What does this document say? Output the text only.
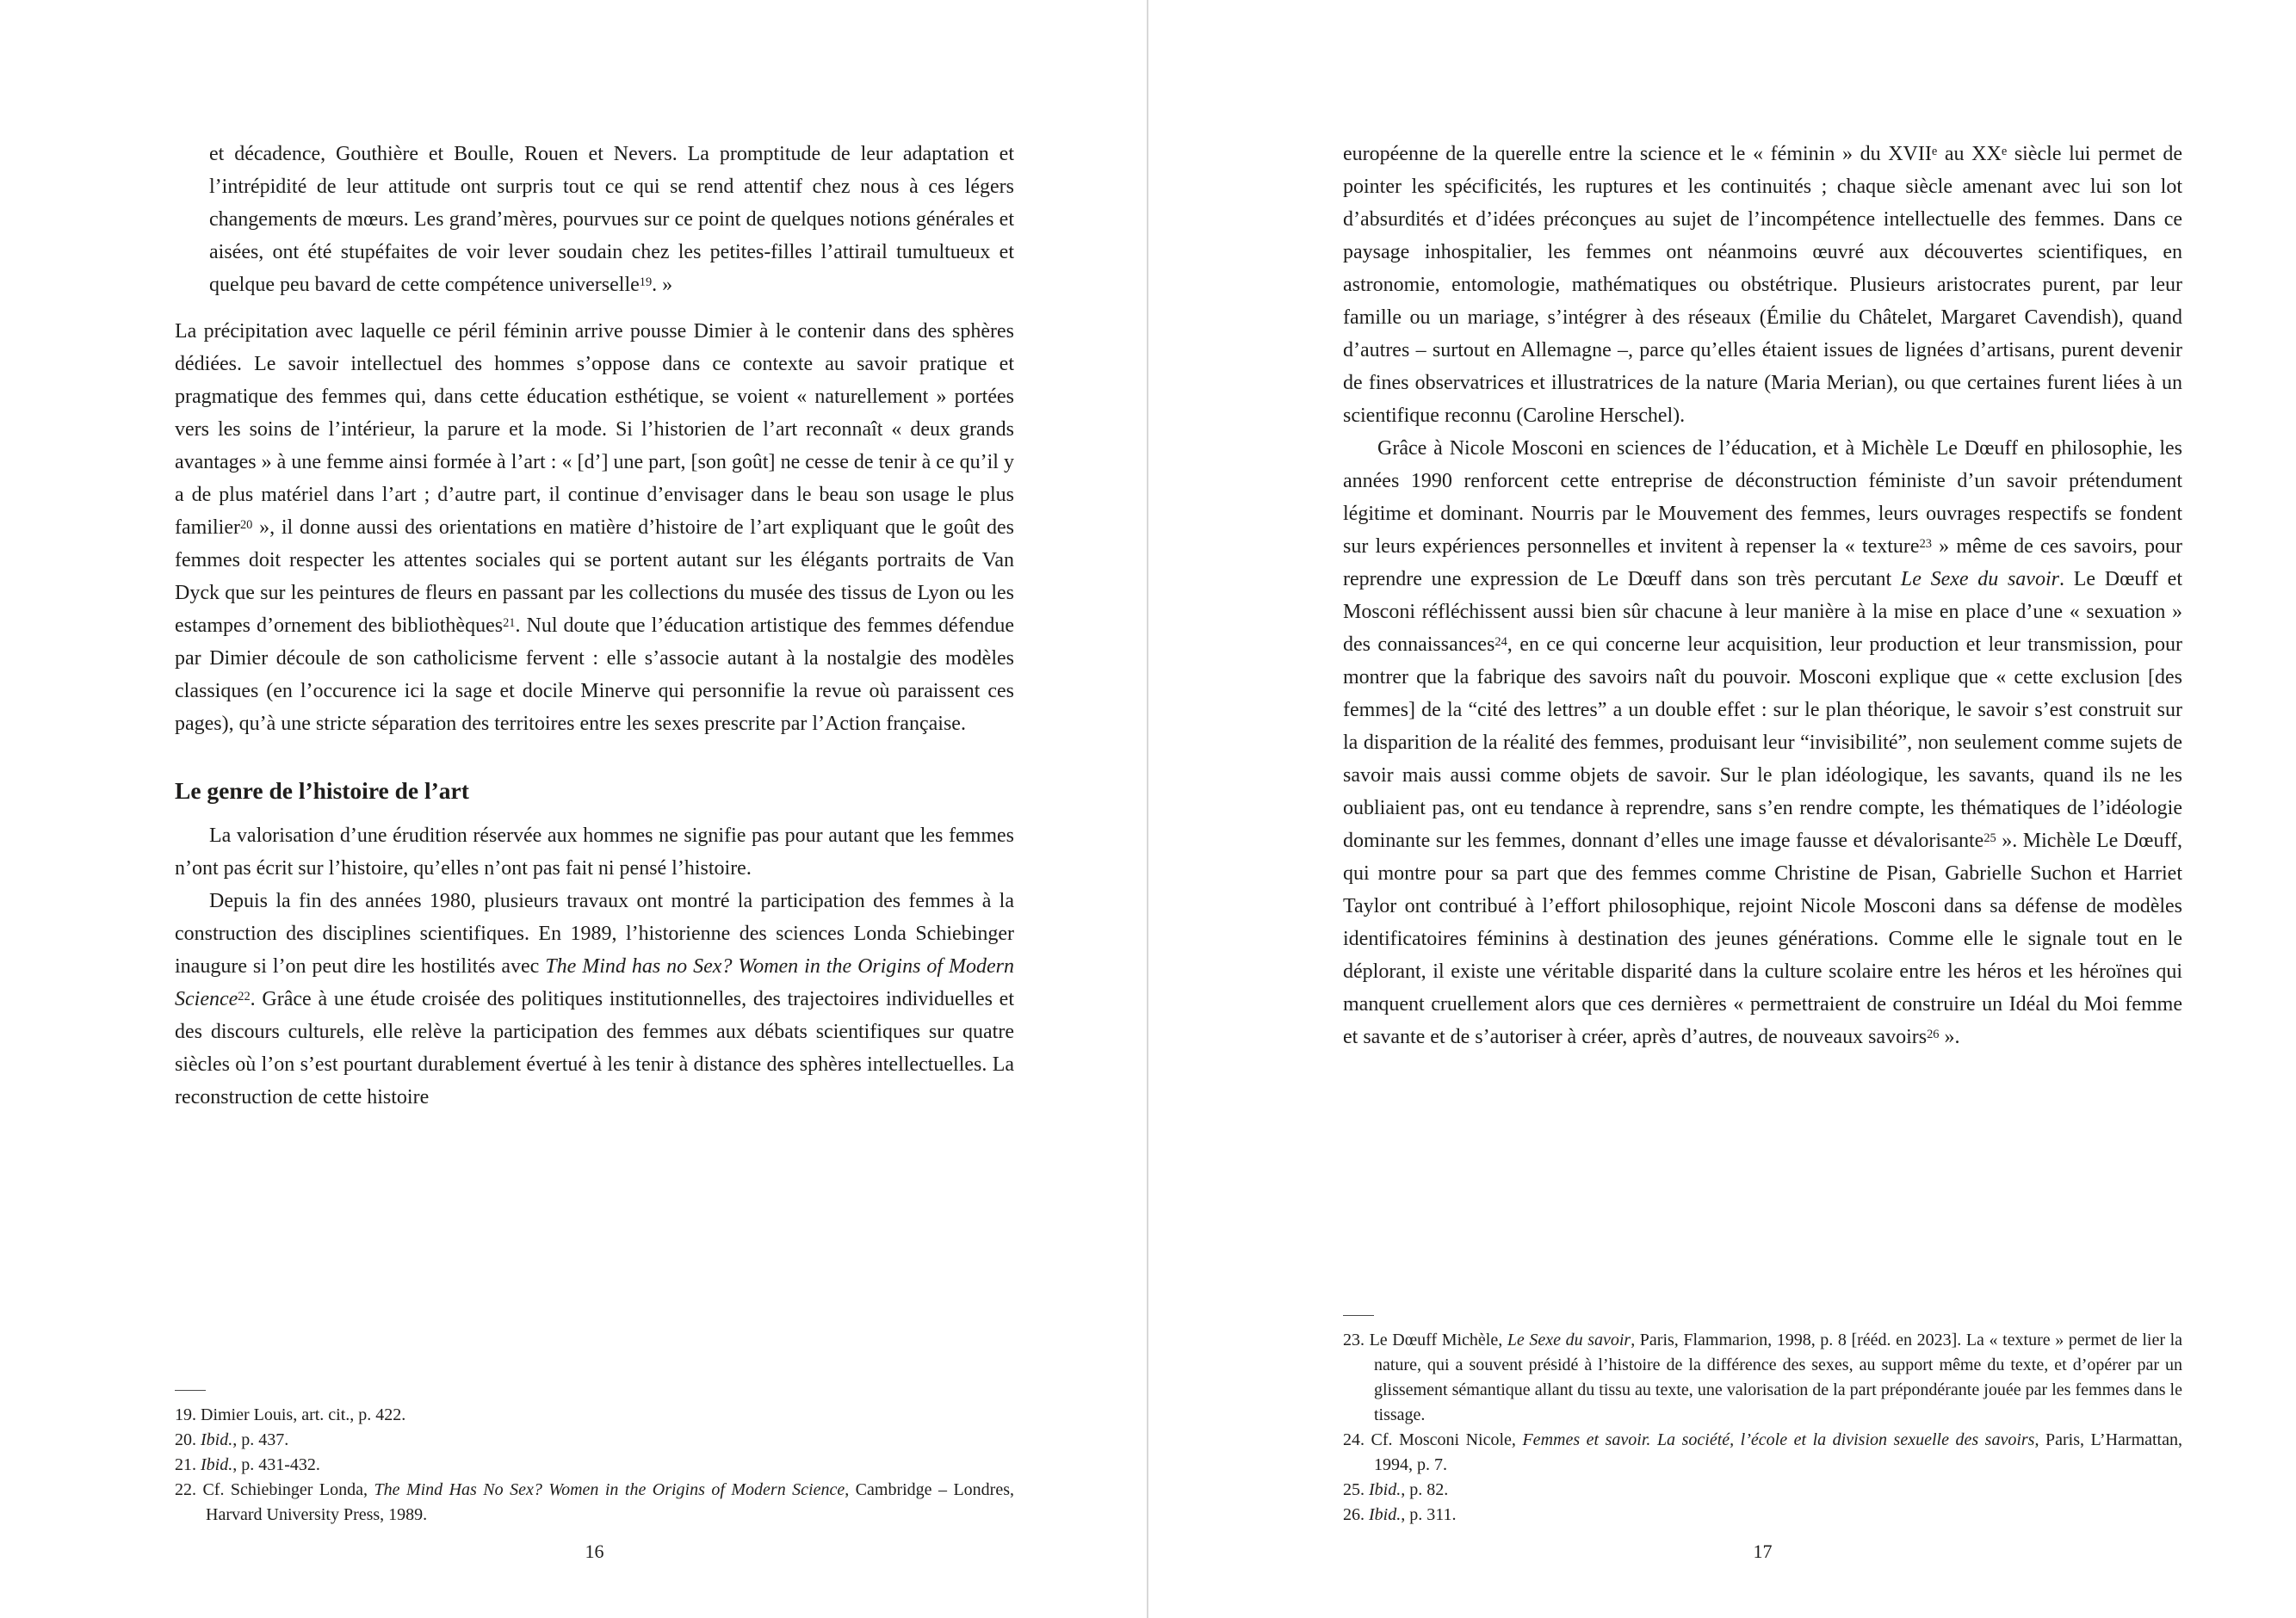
et décadence, Gouthière et Boulle, Rouen et Nevers. La promptitude de leur adaptation et l’intrépidité de leur attitude ont surpris tout ce qui se rend attentif chez nous à ces légers changements de mœurs. Les grand’mères, pourvues sur ce point de quelques notions générales et aisées, ont été stupéfaites de voir lever soudain chez les petites-filles l’attirail tumultueux et quelque peu bavard de cette compétence universelle$^{19}$. »

La précipitation avec laquelle ce péril féminin arrive pousse Dimier à le contenir dans des sphères dédiées. Le savoir intellectuel des hommes s’oppose dans ce contexte au savoir pratique et pragmatique des femmes qui, dans cette éducation esthétique, se voient « naturellement » portées vers les soins de l’intérieur, la parure et la mode. Si l’historien de l’art reconnaît « deux grands avantages » à une femme ainsi formée à l’art : « [d’] une part, [son goût] ne cesse de tenir à ce qu’il y a de plus matériel dans l’art ; d’autre part, il continue d’envisager dans le beau son usage le plus familier$^{20}$ », il donne aussi des orientations en matière d’histoire de l’art expliquant que le goût des femmes doit respecter les attentes sociales qui se portent autant sur les élégants portraits de Van Dyck que sur les peintures de fleurs en passant par les collections du musée des tissus de Lyon ou les estampes d’ornement des bibliothèques$^{21}$. Nul doute que l’éducation artistique des femmes défendue par Dimier découle de son catholicisme fervent : elle s’associe autant à la nostalgie des modèles classiques (en l’occurence ici la sage et docile Minerve qui personnifie la revue où paraissent ces pages), qu’à une stricte séparation des territoires entre les sexes prescrite par l’Action française.

Le genre de l’histoire de l’art

La valorisation d’une érudition réservée aux hommes ne signifie pas pour autant que les femmes n’ont pas écrit sur l’histoire, qu’elles n’ont pas fait ni pensé l’histoire.

Depuis la fin des années 1980, plusieurs travaux ont montré la participation des femmes à la construction des disciplines scientifiques. En 1989, l’historienne des sciences Londa Schiebinger inaugure si l’on peut dire les hostilités avec The Mind has no Sex? Women in the Origins of Modern Science$^{22}$. Grâce à une étude croisée des politiques institutionnelles, des trajectoires individuelles et des discours culturels, elle relève la participation des femmes aux débats scientifiques sur quatre siècles où l’on s’est pourtant durablement évertué à les tenir à distance des sphères intellectuelles. La reconstruction de cette histoire

19. Dimier Louis, art. cit., p. 422.
20. Ibid., p. 437.
21. Ibid., p. 431-432.
22. Cf. Schiebinger Londa, The Mind Has No Sex? Women in the Origins of Modern Science, Cambridge – Londres, Harvard University Press, 1989.
16

européenne de la querelle entre la science et le « féminin » du XVIIe au XXe siècle lui permet de pointer les spécificités, les ruptures et les continuités ; chaque siècle amenant avec lui son lot d’absurdités et d’idées préconçues au sujet de l’incompétence intellectuelle des femmes. Dans ce paysage inhospitalier, les femmes ont néanmoins œuvré aux découvertes scientifiques, en astronomie, entomologie, mathématiques ou obstétrique. Plusieurs aristocrates purent, par leur famille ou un mariage, s’intégrer à des réseaux (Émilie du Châtelet, Margaret Cavendish), quand d’autres – surtout en Allemagne –, parce qu’elles étaient issues de lignées d’artisans, purent devenir de fines observatrices et illustratrices de la nature (Maria Merian), ou que certaines furent liées à un scientifique reconnu (Caroline Herschel).

Grâce à Nicole Mosconi en sciences de l’éducation, et à Michèle Le Dœuff en philosophie, les années 1990 renforcent cette entreprise de déconstruction féministe d’un savoir prétendument légitime et dominant. Nourris par le Mouvement des femmes, leurs ouvrages respectifs se fondent sur leurs expériences personnelles et invitent à repenser la « texture$^{23}$ » même de ces savoirs, pour reprendre une expression de Le Dœuff dans son très percutant Le Sexe du savoir. Le Dœuff et Mosconi réfléchissent aussi bien sûr chacune à leur manière à la mise en place d’une « sexuation » des connaissances$^{24}$, en ce qui concerne leur acquisition, leur production et leur transmission, pour montrer que la fabrique des savoirs naît du pouvoir. Mosconi explique que « cette exclusion [des femmes] de la “cité des lettres” a un double effet : sur le plan théorique, le savoir s’est construit sur la disparition de la réalité des femmes, produisant leur “invisibilité”, non seulement comme sujets de savoir mais aussi comme objets de savoir. Sur le plan idéologique, les savants, quand ils ne les oubliaient pas, ont eu tendance à reprendre, sans s’en rendre compte, les thématiques de l’idéologie dominante sur les femmes, donnant d’elles une image fausse et dévalorisante$^{25}$ ». Michèle Le Dœuff, qui montre pour sa part que des femmes comme Christine de Pisan, Gabrielle Suchon et Harriet Taylor ont contribué à l’effort philosophique, rejoint Nicole Mosconi dans sa défense de modèles identificatoires féminins à destination des jeunes générations. Comme elle le signale tout en le déplorant, il existe une véritable disparité dans la culture scolaire entre les héros et les héroïnes qui manquent cruellement alors que ces dernières « permettraient de construire un Idéal du Moi femme et savante et de s’autoriser à créer, après d’autres, de nouveaux savoirs$^{26}$ ».

23. Le Dœuff Michèle, Le Sexe du savoir, Paris, Flammarion, 1998, p. 8 [rééd. en 2023]. La « texture » permet de lier la nature, qui a souvent présidé à l’histoire de la différence des sexes, au support même du texte, et d’opérer par un glissement sémantique allant du tissu au texte, une valorisation de la part prépondérante jouée par les femmes dans le tissage.
24. Cf. Mosconi Nicole, Femmes et savoir. La société, l’école et la division sexuelle des savoirs, Paris, L’Harmattan, 1994, p. 7.
25. Ibid., p. 82.
26. Ibid., p. 311.
17
